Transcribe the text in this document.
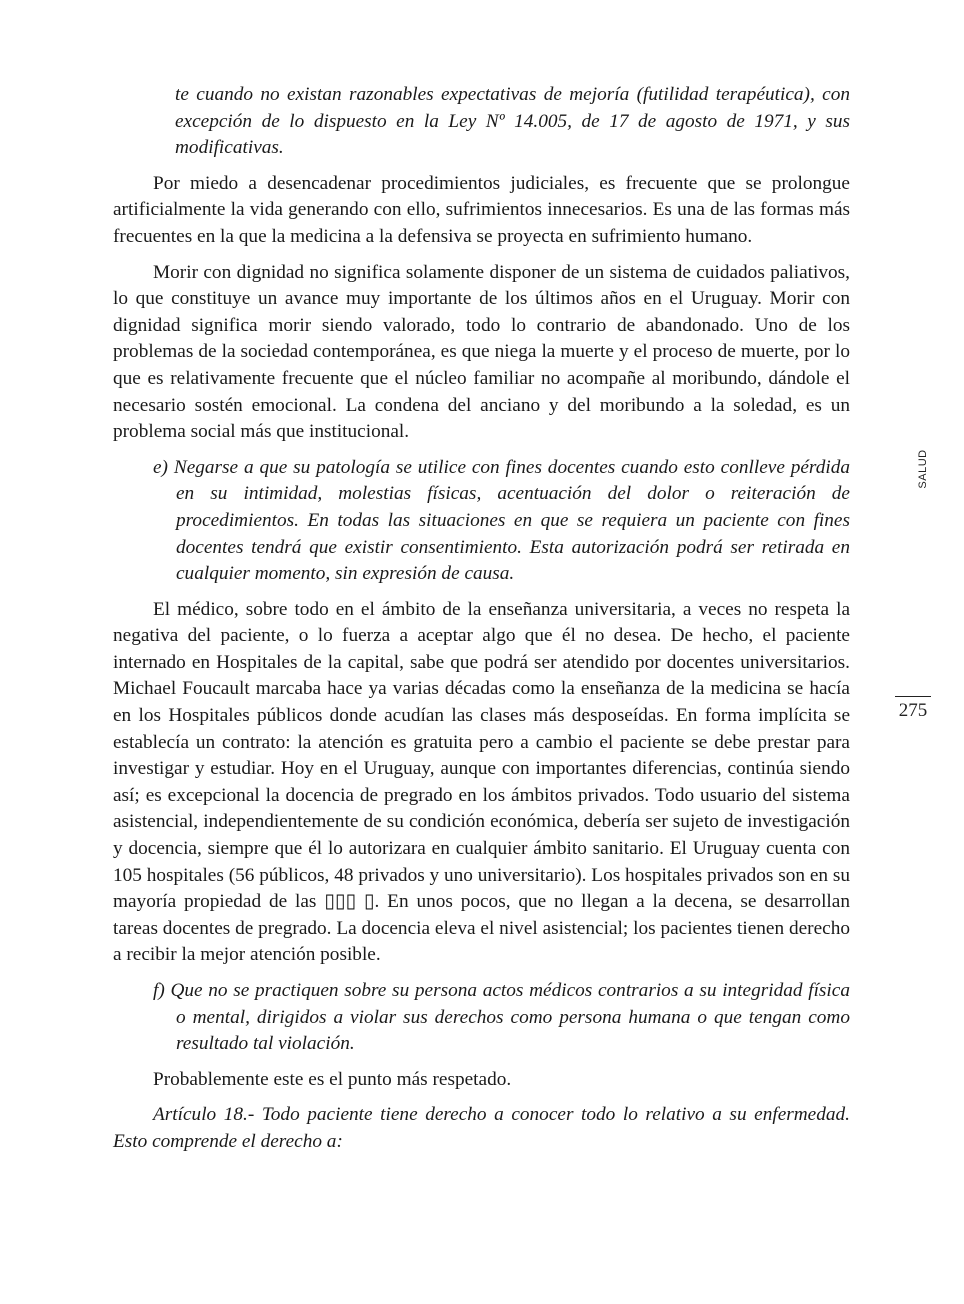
te cuando no existan razonables expectativas de mejoría (futilidad terapéutica), con excepción de lo dispuesto en la Ley Nº 14.005, de 17 de agosto de 1971, y sus modificativas.

Por miedo a desencadenar procedimientos judiciales, es frecuente que se prolongue artificialmente la vida generando con ello, sufrimientos innecesarios. Es una de las formas más frecuentes en la que la medicina a la defensiva se proyecta en sufrimiento humano.

Morir con dignidad no significa solamente disponer de un sistema de cuidados paliativos, lo que constituye un avance muy importante de los últimos años en el Uruguay. Morir con dignidad significa morir siendo valorado, todo lo contrario de abandonado. Uno de los problemas de la sociedad contemporánea, es que niega la muerte y el proceso de muerte, por lo que es relativamente frecuente que el núcleo familiar no acompañe al moribundo, dándole el necesario sostén emocional. La condena del anciano y del moribundo a la soledad, es un problema social más que institucional.

e) Negarse a que su patología se utilice con fines docentes cuando esto conlleve pérdida en su intimidad, molestias físicas, acentuación del dolor o reiteración de procedimientos. En todas las situaciones en que se requiera un paciente con fines docentes tendrá que existir consentimiento. Esta autorización podrá ser retirada en cualquier momento, sin expresión de causa.

El médico, sobre todo en el ámbito de la enseñanza universitaria, a veces no respeta la negativa del paciente, o lo fuerza a aceptar algo que él no desea. De hecho, el paciente internado en Hospitales de la capital, sabe que podrá ser atendido por docentes universitarios. Michael Foucault marcaba hace ya varias décadas como la enseñanza de la medicina se hacía en los Hospitales públicos donde acudían las clases más desposeídas. En forma implícita se establecía un contrato: la atención es gratuita pero a cambio el paciente se debe prestar para investigar y estudiar. Hoy en el Uruguay, aunque con importantes diferencias, continúa siendo así; es excepcional la docencia de pregrado en los ámbitos privados. Todo usuario del sistema asistencial, independientemente de su condición económica, debería ser sujeto de investigación y docencia, siempre que él lo autorizara en cualquier ámbito sanitario. El Uruguay cuenta con 105 hospitales (56 públicos, 48 privados y uno universitario). Los hospitales privados son en su mayoría propiedad de las ▯▯▯ ▯. En unos pocos, que no llegan a la decena, se desarrollan tareas docentes de pregrado. La docencia eleva el nivel asistencial; los pacientes tienen derecho a recibir la mejor atención posible.

f) Que no se practiquen sobre su persona actos médicos contrarios a su integridad física o mental, dirigidos a violar sus derechos como persona humana o que tengan como resultado tal violación.

Probablemente este es el punto más respetado.

Artículo 18.- Todo paciente tiene derecho a conocer todo lo relativo a su enfermedad. Esto comprende el derecho a:

SALUD
275
